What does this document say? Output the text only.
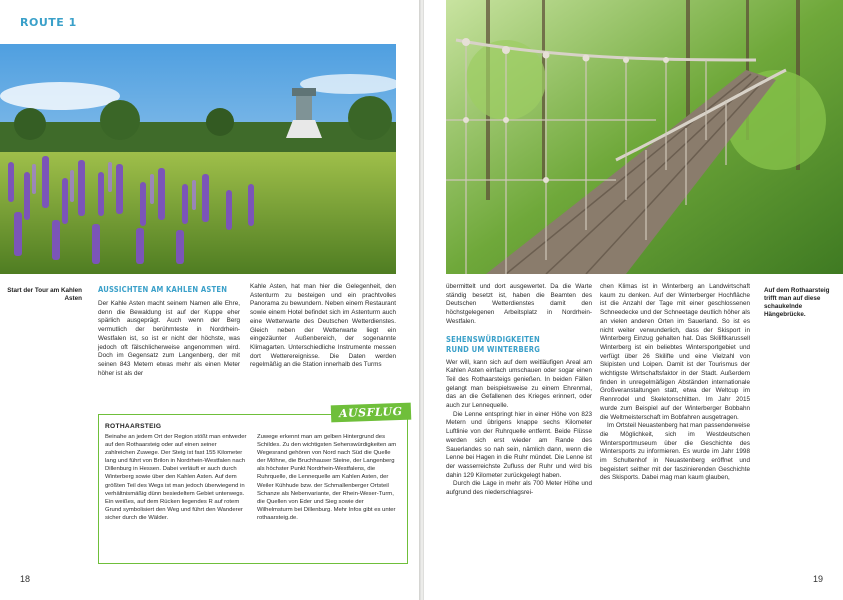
ROUTE 1
Start der Tour am Kahlen Asten
AUSSICHTEN AM KAHLEN ASTEN

Der Kahle Asten macht seinem Namen alle Ehre, denn die Bewaldung ist auf der Kuppe eher spärlich ausgeprägt. Auch wenn der Berg vermutlich der berühmteste in Nordrhein-Westfalen ist, so ist er nicht der höchste, was jedoch oft fälschlicherweise angenommen wird. Doch im Gegensatz zum Langenberg, der mit seinen 843 Metern etwas mehr als einen Meter höher ist als der

Kahle Asten, hat man hier die Gelegenheit, den Astenturm zu besteigen und ein prachtvolles Panorama zu bewundern. Neben einem Restaurant sowie einem Hotel befindet sich im Astenturm auch eine Wetterwarte des Deutschen Wetterdienstes. Gleich neben der Wetterwarte liegt ein eingezäunter Außenbereich, der sogenannte Klimagarten. Unterschiedliche Instrumente messen dort Wetterereignisse. Die Daten werden regelmäßig an die Station innerhalb des Turms

AUSFLUG
ROTHAARSTEIG
Beinahe an jedem Ort der Region stößt man entweder auf den Rothaarsteig oder auf einen seiner zahlreichen Zuwege. Der Steig ist fast 155 Kilometer lang und führt von Brilon in Nordrhein-Westfalen nach Dillenburg in Hessen. Dabei verläuft er auch durch Winterberg sowie über den Kahlen Asten. Auf dem größten Teil des Wegs ist man jedoch überwiegend in verhältnismäßig dünn besiedeltem Gebiet unterwegs. Ein weißes, auf dem Rücken liegendes R auf rotem Grund symbolisiert den Weg und führt den Wanderer sicher durch die Wälder.
Zuwege erkennt man am gelben Hintergrund des Schildes. Zu den wichtigsten Sehenswürdigkeiten am Wegesrand gehören von Nord nach Süd die Quelle der Möhne, die Bruchhauser Steine, der Langenberg als höchster Punkt Nordrhein-Westfalens, die Ruhrquelle, die Lennequelle am Kahlen Asten, der Weiler Kühhude bzw. der Schmallenberger Ortsteil Schanze als Nebenvariante, der Rhein-Weser-Turm, die Quellen von Eder und Sieg sowie der Wilhelmsturm bei Dillenburg. Mehr Infos gibt es unter rothaarsteig.de.
18
Auf dem Rothaarsteig trifft man auf diese schaukelnde Hängebrücke.

übermittelt und dort ausgewertet. Da die Warte ständig besetzt ist, haben die Beamten des Deutschen Wetterdienstes damit den höchstgelegenen Arbeitsplatz in Nordrhein-Westfalen.

SEHENSWÜRDIGKEITEN
RUND UM WINTERBERG

Wer will, kann sich auf dem weitläufigen Areal am Kahlen Asten einfach umschauen oder sogar einen Teil des Rothaarsteigs genießen. In beiden Fällen gelangt man beispielsweise zu einem Ehrenmal, das an die Gefallenen des Krieges erinnert, oder auch zur Lennequelle.

Die Lenne entspringt hier in einer Höhe von 823 Metern und übrigens knappe sechs Kilometer Luftlinie von der Ruhrquelle entfernt. Beide Flüsse werden sich erst wieder am Rande des Sauerlandes so nah sein, nämlich dann, wenn die Lenne bei Hagen in die Ruhr mündet. Die Lenne ist der wasserreichste Zufluss der Ruhr und wird bis dahin 129 Kilometer zurückgelegt haben.

Durch die Lage in mehr als 700 Meter Höhe und aufgrund des niederschlagsrei-

chen Klimas ist in Winterberg an Landwirtschaft kaum zu denken. Auf der Winterberger Hochfläche ist die Anzahl der Tage mit einer geschlossenen Schneedecke und der Schneetage deutlich höher als an vielen anderen Orten im Sauerland. So ist es nicht weiter verwunderlich, dass der Skisport in Winterberg Einzug gehalten hat. Das Skiliftkarussell Winterberg ist ein beliebtes Wintersportgebiet und verfügt über 26 Skilifte und eine Vielzahl von Skipisten und Loipen. Damit ist der Tourismus der wichtigste Wirtschaftsfaktor in der Stadt. Außerdem finden in unregelmäßigen Abständen internationale Großveranstaltungen statt, etwa der Weltcup im Rennrodel und Skeletonschlitten. Im Jahr 2015 wurde zum Beispiel auf der Winterberger Bobbahn die Weltmeisterschaft im Bobfahren ausgetragen.

Im Ortsteil Neuastenberg hat man passenderweise die Möglichkeit, sich im Westdeutschen Wintersportmuseum über die Geschichte des Wintersports zu informieren. Es wurde im Jahr 1998 im Schultenhof in Neuastenberg eröffnet und begeistert seither mit der faszinierenden Geschichte des Skisports. Dabei mag man kaum glauben,

19
